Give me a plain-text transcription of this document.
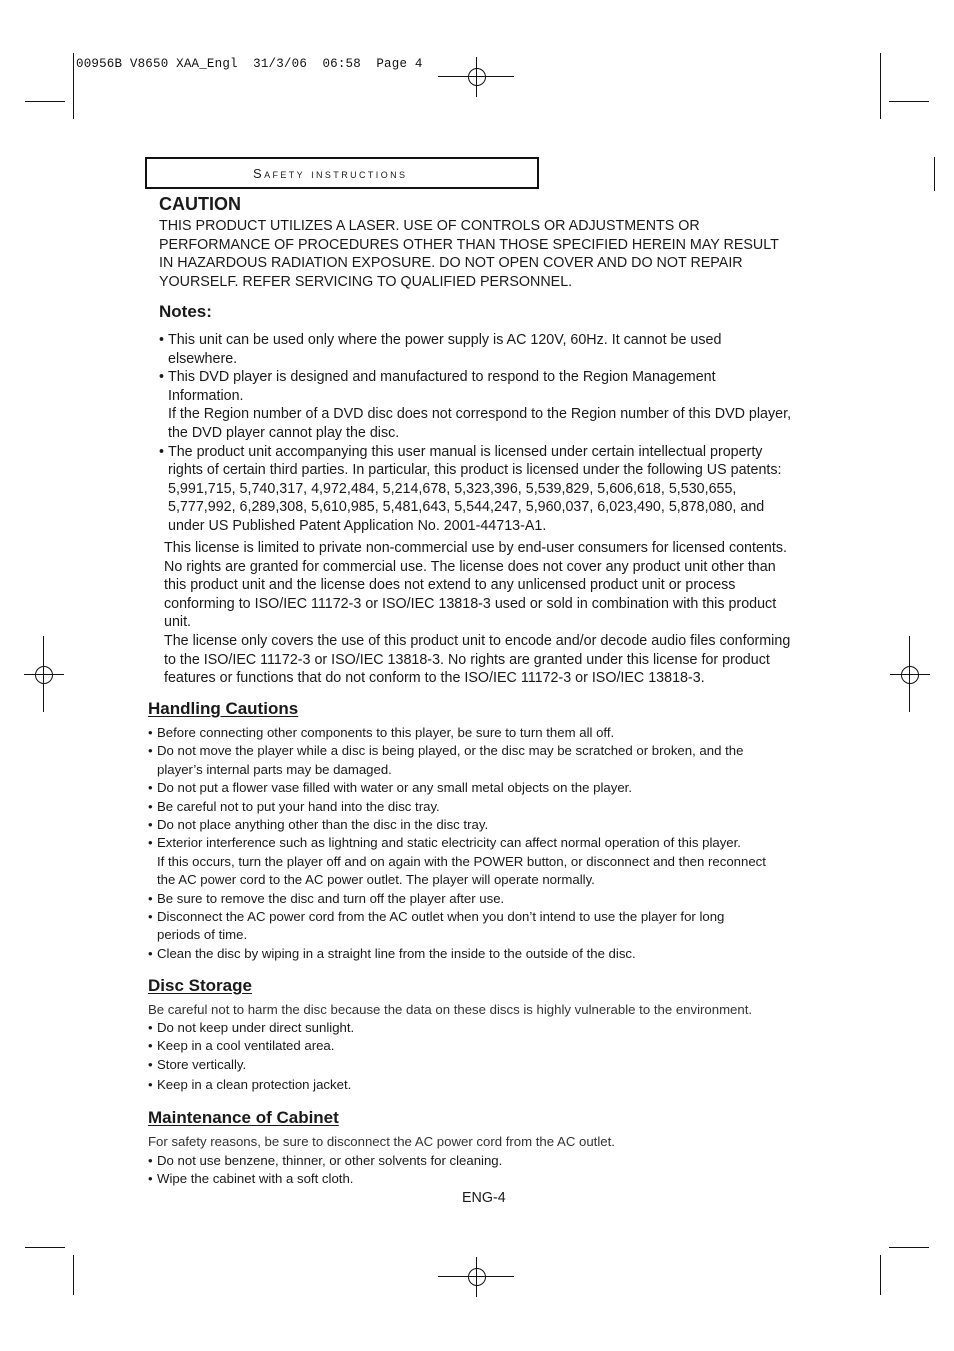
00956B V8650 XAA_Engl  31/3/06  06:58  Page 4
Safety instructions
CAUTION
THIS PRODUCT UTILIZES A LASER. USE OF CONTROLS OR ADJUSTMENTS OR
PERFORMANCE OF PROCEDURES OTHER THAN THOSE SPECIFIED HEREIN MAY RESULT
IN HAZARDOUS RADIATION EXPOSURE. DO NOT OPEN COVER AND DO NOT REPAIR
YOURSELF. REFER SERVICING TO QUALIFIED PERSONNEL.
Notes:
• This unit can be used only where the power supply is AC 120V, 60Hz. It cannot be used

elsewhere.

• This DVD player is designed and manufactured to respond to the Region Management

Information.

If the Region number of a DVD disc does not correspond to the Region number of this DVD player,

the DVD player cannot play the disc.

• The product unit accompanying this user manual is licensed under certain intellectual property

rights of certain third parties. In particular, this product is licensed under the following US patents:

5,991,715, 5,740,317, 4,972,484, 5,214,678, 5,323,396, 5,539,829, 5,606,618, 5,530,655,

5,777,992, 6,289,308, 5,610,985, 5,481,643, 5,544,247, 5,960,037, 6,023,490, 5,878,080, and

under US Published Patent Application No. 2001-44713-A1.

This license is limited to private non-commercial use by end-user consumers for licensed contents.

No rights are granted for commercial use. The license does not cover any product unit other than

this product unit and the license does not extend to any unlicensed product unit or process

conforming to ISO/IEC 11172-3 or ISO/IEC 13818-3 used or sold in combination with this product

unit.

The license only covers the use of this product unit to encode and/or decode audio files conforming

to the ISO/IEC 11172-3 or ISO/IEC 13818-3. No rights are granted under this license for product

features or functions that do not conform to the ISO/IEC 11172-3 or ISO/IEC 13818-3.

Handling Cautions
• Before connecting other components to this player, be sure to turn them all off.
• Do not move the player while a disc is being played, or the disc may be scratched or broken, and the
player’s internal parts may be damaged.
• Do not put a flower vase filled with water or any small metal objects on the player.
• Be careful not to put your hand into the disc tray.
• Do not place anything other than the disc in the disc tray.
• Exterior interference such as lightning and static electricity can affect normal operation of this player.
If this occurs, turn the player off and on again with the POWER button, or disconnect and then reconnect
the AC power cord to the AC power outlet. The player will operate normally.
• Be sure to remove the disc and turn off the player after use.
• Disconnect the AC power cord from the AC outlet when you don’t intend to use the player for long
periods of time.
• Clean the disc by wiping in a straight line from the inside to the outside of the disc.
Disc Storage
Be careful not to harm the disc because the data on these discs is highly vulnerable to the environment.
• Do not keep under direct sunlight.
• Keep in a cool ventilated area.
• Store vertically.
• Keep in a clean protection jacket.
Maintenance of Cabinet
For safety reasons, be sure to disconnect the AC power cord from the AC outlet.
• Do not use benzene, thinner, or other solvents for cleaning.
• Wipe the cabinet with a soft cloth.
ENG-4
